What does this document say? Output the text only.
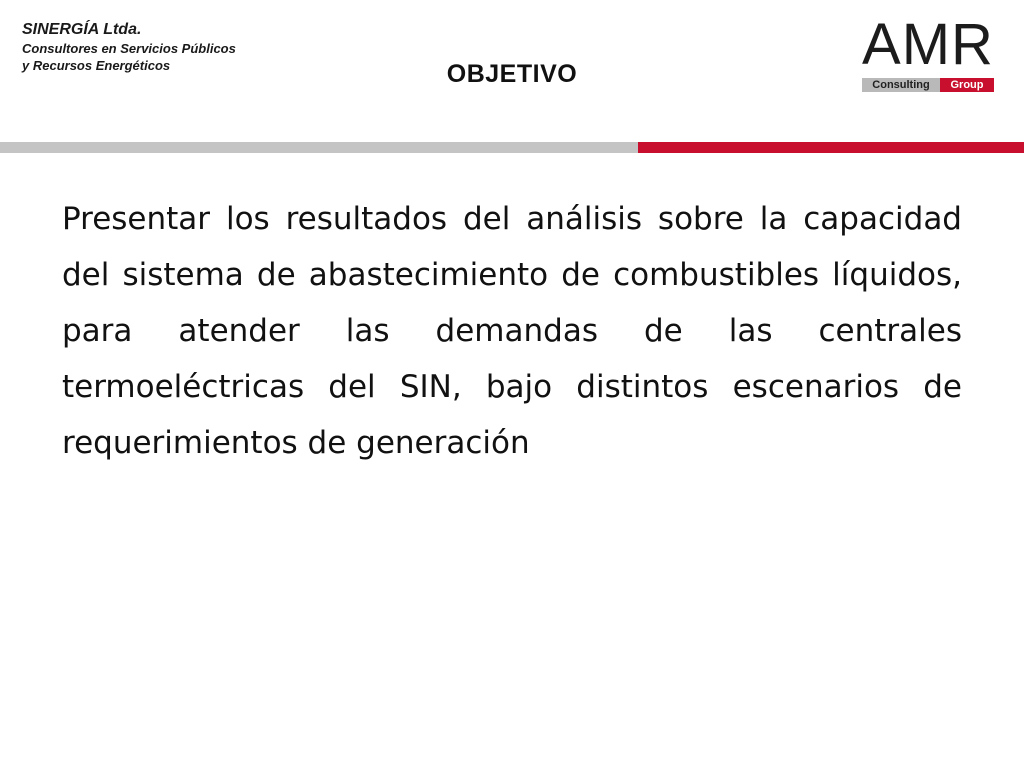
SINERGÍA Ltda.
Consultores en Servicios Públicos
y Recursos Energéticos	OBJETIVO	AMR
Consulting	Group
Presentar los resultados del análisis sobre la capacidad del sistema de abastecimiento de combustibles líquidos, para atender las demandas de las centrales termoeléctricas del SIN, bajo distintos escenarios de requerimientos de generación
